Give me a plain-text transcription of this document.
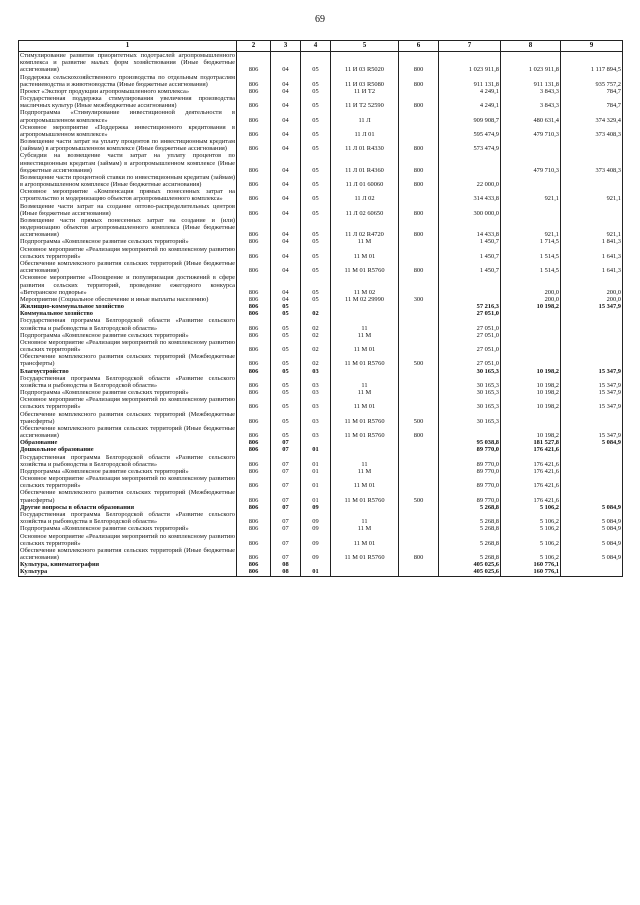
69
1	2	3	4	5	6	7	8	9
Стимулирование развития приоритетных подотраслей агропромышленного комплекса и развитие малых форм хозяйствования (Иные бюджетные ассигнования)	806	04	05	11 И 03 R5020	800	1 023 911,8	1 023 911,8	1 117 894,5
Поддержка сельскохозяйственного производства по отдельным подотраслям растениеводства и животноводства (Иные бюджетные ассигнования)	806	04	05	11 И 03 R5080	800	911 131,8	911 131,8	935 757,2
Проект «Экспорт продукции агропромышленного комплекса»	806	04	05	11 И T2		4 249,1	3 843,3	784,7
Государственная поддержка стимулирования увеличения производства масличных культур (Иные межбюджетные ассигнования)	806	04	05	11 И T2 52590	800	4 249,1	3 843,3	784,7
Подпрограмма «Стимулирование инвестиционной деятельности в агропромышленном комплексе»	806	04	05	11 Л		909 908,7	480 631,4	374 329,4
Основное мероприятие «Поддержка инвестиционного кредитования в агропромышленном комплексе»	806	04	05	11 Л 01		595 474,9	479 710,3	373 408,3
Возмещение части затрат на уплату процентов по инвестиционным кредитам (займам) в агропромышленном комплексе (Иные бюджетные ассигнования)	806	04	05	11 Л 01 R4330	800	573 474,9		
Субсидии на возмещение части затрат на уплату процентов по инвестиционным кредитам (займам) в агропромышленном комплексе (Иные бюджетные ассигнования)	806	04	05	11 Л 01 R4360	800		479 710,3	373 408,3
Возмещение части процентной ставки по инвестиционным кредитам (займам) в агропромышленном комплексе (Иные бюджетные ассигнования)	806	04	05	11 Л 01 60060	800	22 000,0		
Основное мероприятие «Компенсация прямых понесенных затрат на строительство и модернизацию объектов агропромышленного комплекса»	806	04	05	11 Л 02		314 433,8	921,1	921,1
Возмещение части затрат на создание оптово-распределительных центров (Иные бюджетные ассигнования)	806	04	05	11 Л 02 60650	800	300 000,0		
Возмещение части прямых понесенных затрат на создание и (или) модернизацию объектов агропромышленного комплекса (Иные бюджетные ассигнования)	806	04	05	11 Л 02 R4720	800	14 433,8	921,1	921,1
Подпрограмма «Комплексное развитие сельских территорий»	806	04	05	11 М		1 450,7	1 714,5	1 841,3
Основное мероприятие «Реализация мероприятий по комплексному развитию сельских территорий»	806	04	05	11 М 01		1 450,7	1 514,5	1 641,3
Обеспечение комплексного развития сельских территорий (Иные бюджетные ассигнования)	806	04	05	11 М 01 R5760	800	1 450,7	1 514,5	1 641,3
Основное мероприятие «Поощрение и популяризация достижений в сфере развития сельских территорий, проведение ежегодного конкурса «Ветеранское подворье»	806	04	05	11 М 02			200,0	200,0
Мероприятия (Социальное обеспечение и иные выплаты населению)	806	04	05	11 М 02 29990	300		200,0	200,0
Жилищно-коммунальное хозяйство	806	05				57 216,3	10 198,2	15 347,9
Коммунальное хозяйство	806	05	02			27 051,0		
Государственная программа Белгородской области «Развитие сельского хозяйства и рыбоводства в Белгородской области»	806	05	02	11		27 051,0		
Подпрограмма «Комплексное развитие сельских территорий»	806	05	02	11 М		27 051,0		
Основное мероприятие «Реализация мероприятий по комплексному развитию сельских территорий»	806	05	02	11 М 01		27 051,0		
Обеспечение комплексного развития сельских территорий (Межбюджетные трансферты)	806	05	02	11 М 01 R5760	500	27 051,0		
Благоустройство	806	05	03			30 165,3	10 198,2	15 347,9
Государственная программа Белгородской области «Развитие сельского хозяйства и рыбоводства в Белгородской области»	806	05	03	11		30 165,3	10 198,2	15 347,9
Подпрограмма «Комплексное развитие сельских территорий»	806	05	03	11 М		30 165,3	10 198,2	15 347,9
Основное мероприятие «Реализация мероприятий по комплексному развитию сельских территорий»	806	05	03	11 М 01		30 165,3	10 198,2	15 347,9
Обеспечение комплексного развития сельских территорий (Межбюджетные трансферты)	806	05	03	11 М 01 R5760	500	30 165,3		
Обеспечение комплексного развития сельских территорий (Иные бюджетные ассигнования)	806	05	03	11 М 01 R5760	800		10 198,2	15 347,9
Образование	806	07				95 038,8	181 527,8	5 084,9
Дошкольное образование	806	07	01			89 770,0	176 421,6	
Государственная программа Белгородской области «Развитие сельского хозяйства и рыбоводства в Белгородской области»	806	07	01	11		89 770,0	176 421,6	
Подпрограмма «Комплексное развитие сельских территорий»	806	07	01	11 М		89 770,0	176 421,6	
Основное мероприятие «Реализация мероприятий по комплексному развитию сельских территорий»	806	07	01	11 М 01		89 770,0	176 421,6	
Обеспечение комплексного развития сельских территорий (Межбюджетные трансферты)	806	07	01	11 М 01 R5760	500	89 770,0	176 421,6	
Другие вопросы в области образования	806	07	09			5 268,8	5 106,2	5 084,9
Государственная программа Белгородской области «Развитие сельского хозяйства и рыбоводства в Белгородской области»	806	07	09	11		5 268,8	5 106,2	5 084,9
Подпрограмма «Комплексное развитие сельских территорий»	806	07	09	11 М		5 268,8	5 106,2	5 084,9
Основное мероприятие «Реализация мероприятий по комплексному развитию сельских территорий»	806	07	09	11 М 01		5 268,8	5 106,2	5 084,9
Обеспечение комплексного развития сельских территорий (Иные бюджетные ассигнования)	806	07	09	11 М 01 R5760	800	5 268,8	5 106,2	5 084,9
Культура, кинематография	806	08				405 025,6	160 776,1	
Культура	806	08	01			405 025,6	160 776,1	
